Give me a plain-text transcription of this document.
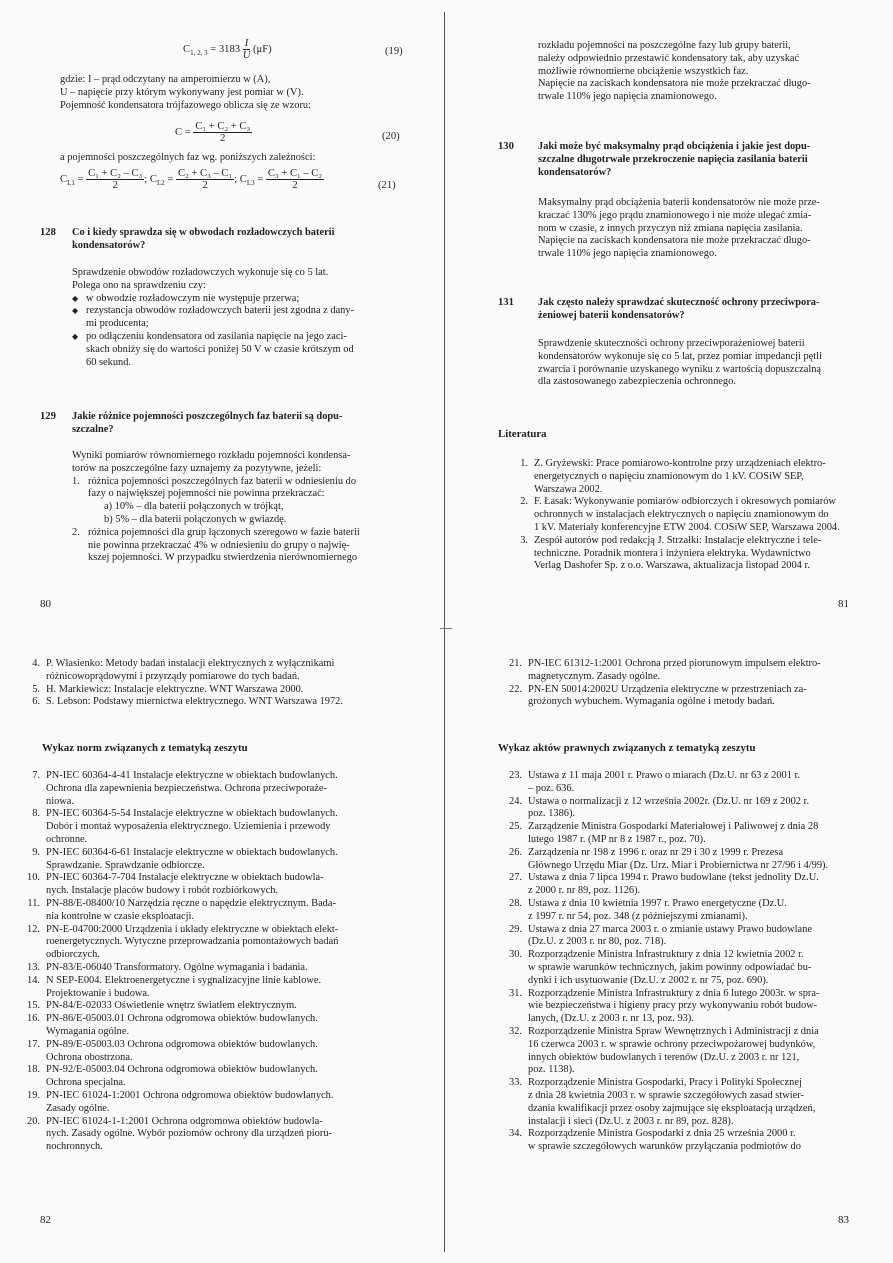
$C_{1, 2, 3} = 3183 \frac{I}{U} (\mu F)$	(19)
gdzie: I – prąd odczytany na amperomierzu w (A),
U – napięcie przy którym wykonywany jest pomiar w (V).
Pojemność kondensatora trójfazowego oblicza się ze wzoru:
$C = \frac{\text{C₁ + C₂ + C₃}}{2}$	(20)
a pojemności poszczególnych faz wg. poniższych zależności:
$C_{L1} = \frac{\text{C₁ + C₂ – C₃}}{2}$ ; $C_{L2} = \frac{\text{C₂ + C₃ – C₁}}{2}$ ; $C_{L3} = \frac{\text{C₃ + C₁ – C₂}}{2}$	(21)
128 Co i kiedy sprawdza się w obwodach rozładowczych baterii
kondensatorów?
Sprawdzenie obwodów rozładowczych wykonuje się co 5 lat.
Polega ono na sprawdzeniu czy:
◆ w obwodzie rozładowczym nie występuje przerwa;
◆ rezystancja obwodów rozładowczych baterii jest zgodna z dany-
mi producenta;
◆ po odłączeniu kondensatora od zasilania napięcie na jego zaci-
skach obniży się do wartości poniżej 50 V w czasie krótszym od
60 sekund.
129 Jakie różnice pojemności poszczególnych faz baterii są dopu-
szczalne?
Wyniki pomiarów równomiernego rozkładu pojemności kondensa-
torów na poszczególne fazy uznajemy za pozytywne, jeżeli:
1. różnica pojemności poszczególnych faz baterii w odniesieniu do
fazy o największej pojemności nie powinna przekraczać:
a) 10% – dla baterii połączonych w trójkąt,
b) 5% – dla baterii połączonych w gwiazdę.
2. różnica pojemności dla grup łączonych szeregowo w fazie baterii
nie powinna przekraczać 4% w odniesieniu do grupy o najwię-
kszej pojemności. W przypadku stwierdzenia nierównomiernego
80
rozkładu pojemności na poszczególne fazy lub grupy baterii,
należy odpowiednio przestawić kondensatory tak, aby uzyskać
możliwie równomierne obciążenie wszystkich faz.
Napięcie na zaciskach kondensatora nie może przekraczać długo-
trwale 110% jego napięcia znamionowego.
130 Jaki może być maksymalny prąd obciążenia i jakie jest dopu-
szczalne długotrwałe przekroczenie napięcia zasilania baterii
kondensatorów?
Maksymalny prąd obciążenia baterii kondensatorów nie może prze-
kraczać 130% jego prądu znamionowego i nie może ulegać zmia-
nom w czasie, z innych przyczyn niż zmiana napięcia zasilania.
Napięcie na zaciskach kondensatora nie może przekraczać długo-
trwale 110% jego napięcia znamionowego.
131 Jak często należy sprawdzać skuteczność ochrony przeciwpora-
żeniowej baterii kondensatorów?
Sprawdzenie skuteczności ochrony przeciwporażeniowej baterii
kondensatorów wykonuje się co 5 lat, przez pomiar impedancji pętli
zwarcia i porównanie uzyskanego wyniku z wartością dopuszczalną
dla zastosowanego zabezpieczenia ochronnego.
Literatura
1. Z. Gryżewski: Prace pomiarowo-kontrolne przy urządzeniach elektro-
energetycznych o napięciu znamionowym do 1 kV. COSiW SEP,
Warszawa 2002.
2. F. Łasak: Wykonywanie pomiarów odbiorczych i okresowych pomiarów
ochronnych w instalacjach elektrycznych o napięciu znamionowym do
1 kV. Materiały konferencyjne ETW 2004. COSiW SEP, Warszawa 2004.
3. Zespół autorów pod redakcją J. Strzałki: Instalacje elektryczne i tele-
techniczne. Poradnik montera i inżyniera elektryka. Wydawnictwo
Verlag Dashofer Sp. z o.o. Warszawa, aktualizacja listopad 2004 r.
81
4. P. Własienko: Metody badań instalacji elektrycznych z wyłącznikami
różnicowoprądowymi i przyrządy pomiarowe do tych badań.
5. H. Markiewicz: Instalacje elektryczne. WNT Warszawa 2000.
6. S. Lebson: Podstawy miernictwa elektrycznego. WNT Warszawa 1972.
Wykaz norm związanych z tematyką zeszytu
7. PN-IEC 60364-4-41 Instalacje elektryczne w obiektach budowlanych.
Ochrona dla zapewnienia bezpieczeństwa. Ochrona przeciwporaże-
niowa.
8. PN-IEC 60364-5-54 Instalacje elektryczne w obiektach budowlanych.
Dobór i montaż wyposażenia elektrycznego. Uziemienia i przewody
ochronne.
9. PN-IEC 60364-6-61 Instalacje elektryczne w obiektach budowlanych.
Sprawdzanie. Sprawdzanie odbiorcze.
10. PN-IEC 60364-7-704 Instalacje elektryczne w obiektach budowla-
nych. Instalacje placów budowy i robót rozbiórkowych.
11. PN-88/E-08400/10 Narzędzia ręczne o napędzie elektrycznym. Bada-
nia kontrolne w czasie eksploatacji.
12. PN-E-04700:2000 Urządzenia i układy elektryczne w obiektach elekt-
roenergetycznych. Wytyczne przeprowadzania pomontażowych badań
odbiorczych.
13. PN-83/E-06040 Transformatory. Ogólne wymagania i badania.
14. N SEP-E004. Elektroenergetyczne i sygnalizacyjne linie kablowe.
Projektowanie i budowa.
15. PN-84/E-02033 Oświetlenie wnętrz światłem elektrycznym.
16. PN-86/E-05003.01 Ochrona odgromowa obiektów budowlanych.
Wymagania ogólne.
17. PN-89/E-05003.03 Ochrona odgromowa obiektów budowlanych.
Ochrona obostrzona.
18. PN-92/E-05003.04 Ochrona odgromowa obiektów budowlanych.
Ochrona specjalna.
19. PN-IEC 61024-1:2001 Ochrona odgromowa obiektów budowlanych.
Zasady ogólne.
20. PN-IEC 61024-1-1:2001 Ochrona odgromowa obiektów budowla-
nych. Zasady ogólne. Wybór poziomów ochrony dla urządzeń pioru-
nochronnych.
82
21. PN-IEC 61312-1:2001 Ochrona przed piorunowym impulsem elektro-
magnetycznym. Zasady ogólne.
22. PN-EN 50014:2002U Urządzenia elektryczne w przestrzeniach za-
grożonych wybuchem. Wymagania ogólne i metody badań.
Wykaz aktów prawnych związanych z tematyką zeszytu
23. Ustawa z 11 maja 2001 r. Prawo o miarach (Dz.U. nr 63 z 2001 r.
– poz. 636.
24. Ustawa o normalizacji z 12 września 2002r. (Dz.U. nr 169 z 2002 r.
poz. 1386).
25. Zarządzenie Ministra Gospodarki Materiałowej i Paliwowej z dnia 28
lutego 1987 r. (MP nr 8 z 1987 r., poz. 70).
26. Zarządzenia nr 198 z 1996 r. oraz nr 29 i 30 z 1999 r. Prezesa
Głównego Urzędu Miar (Dz. Urz. Miar i Probiernictwa nr 27/96 i 4/99).
27. Ustawa z dnia 7 lipca 1994 r. Prawo budowlane (tekst jednolity Dz.U.
z 2000 r. nr 89, poz. 1126).
28. Ustawa z dnia 10 kwietnia 1997 r. Prawo energetyczne (Dz.U.
z 1997 r. nr 54, poz. 348 (z późniejszymi zmianami).
29. Ustawa z dnia 27 marca 2003 r. o zmianie ustawy Prawo budowlane
(Dz.U. z 2003 r. nr 80, poz. 718).
30. Rozporządzenie Ministra Infrastruktury z dnia 12 kwietnia 2002 r.
w sprawie warunków technicznych, jakim powinny odpowiadać bu-
dynki i ich usytuowanie (Dz.U. z 2002 r. nr 75, poz. 690).
31. Rozporządzenie Ministra Infrastruktury z dnia 6 lutego 2003r. w spra-
wie bezpieczeństwa i higieny pracy przy wykonywaniu robót budow-
lanych, (Dz.U. z 2003 r. nr 13, poz. 93).
32. Rozporządzenie Ministra Spraw Wewnętrznych i Administracji z dnia
16 czerwca 2003 r. w sprawie ochrony przeciwpożarowej budynków,
innych obiektów budowlanych i terenów (Dz.U. z 2003 r. nr 121,
poz. 1138).
33. Rozporządzenie Ministra Gospodarki, Pracy i Polityki Społecznej
z dnia 28 kwietnia 2003 r. w sprawie szczegółowych zasad stwier-
dzania kwalifikacji przez osoby zajmujące się eksploatacją urządzeń,
instalacji i sieci (Dz.U. z 2003 r. nr 89, poz. 828).
34. Rozporządzenie Ministra Gospodarki z dnia 25 września 2000 r.
w sprawie szczegółowych warunków przyłączania podmiotów do
83
